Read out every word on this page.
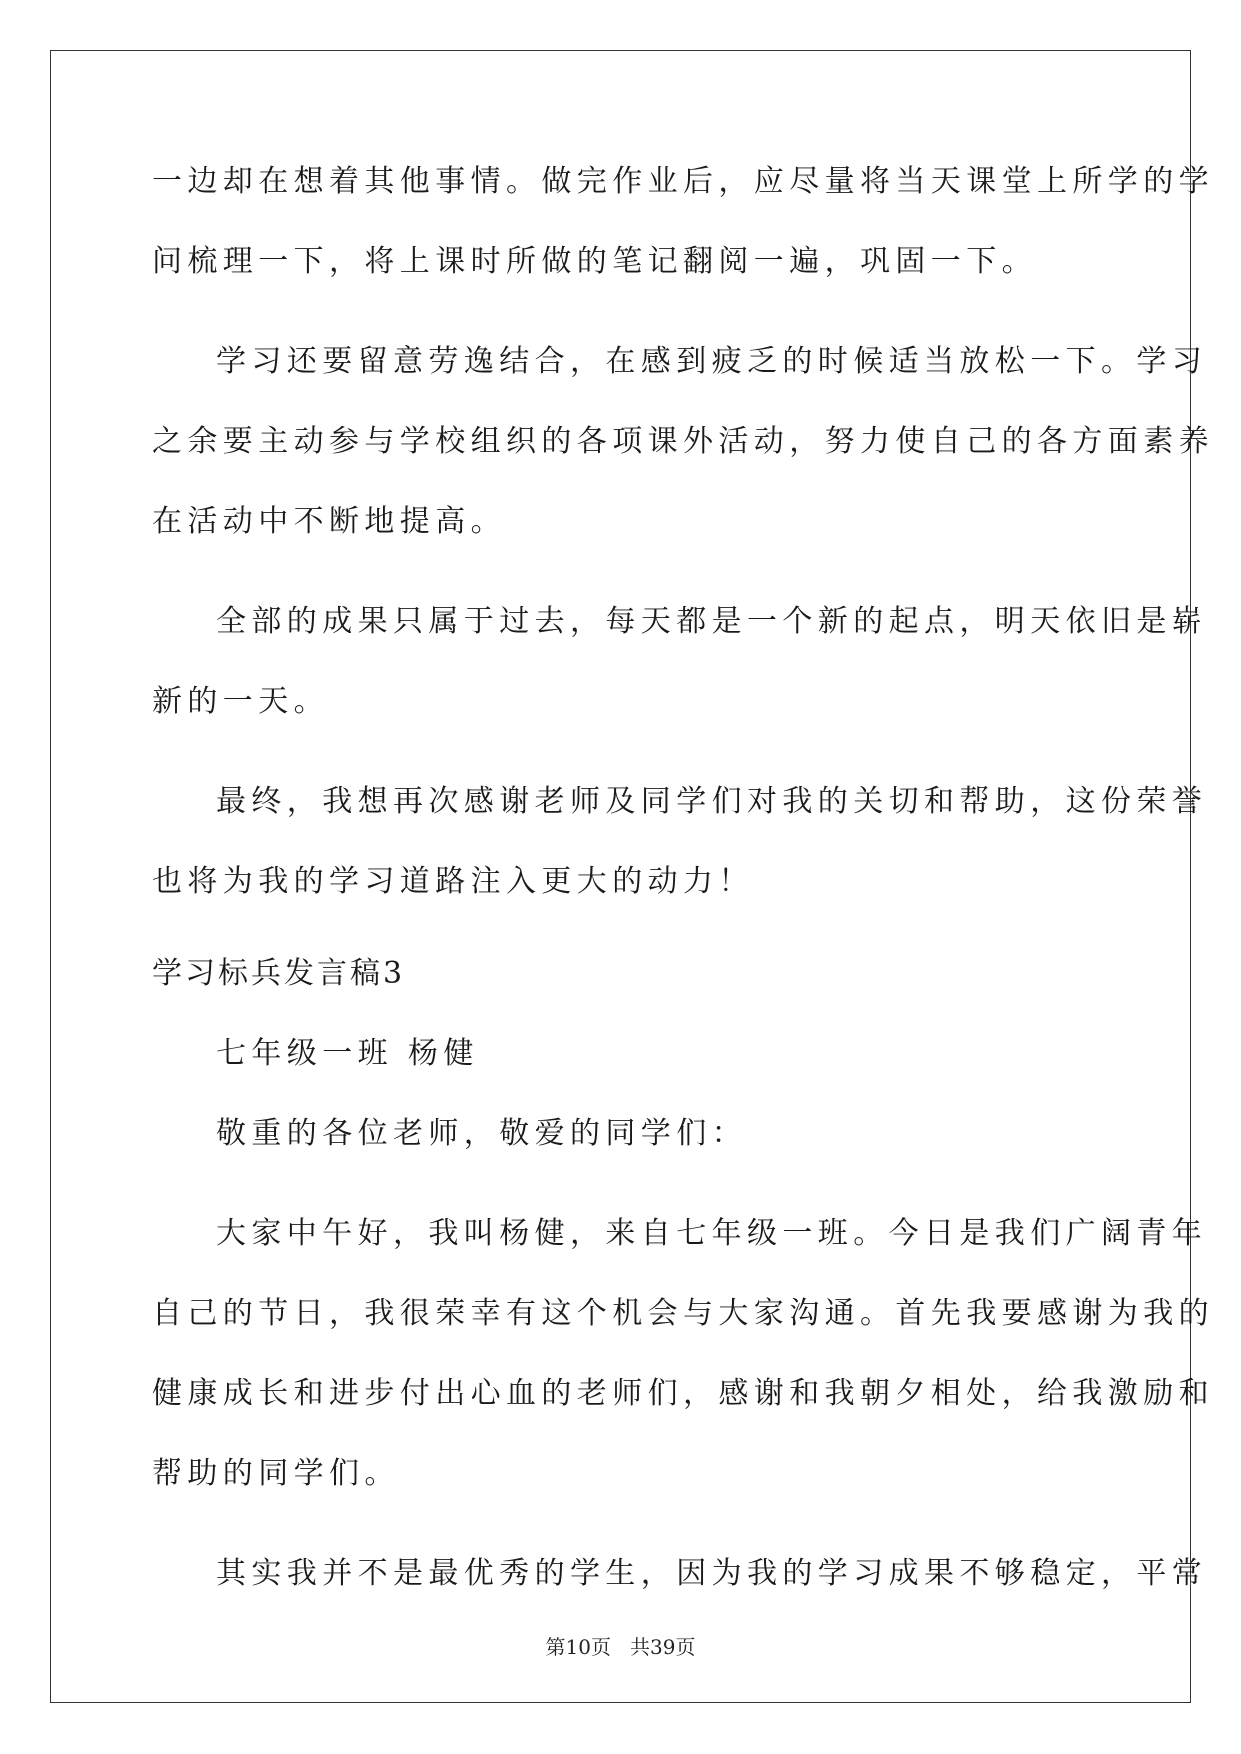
一边却在想着其他事情。做完作业后，应尽量将当天课堂上所学的学
问梳理一下，将上课时所做的笔记翻阅一遍，巩固一下。
学习还要留意劳逸结合，在感到疲乏的时候适当放松一下。学习
之余要主动参与学校组织的各项课外活动，努力使自己的各方面素养
在活动中不断地提高。
全部的成果只属于过去，每天都是一个新的起点，明天依旧是崭
新的一天。
最终，我想再次感谢老师及同学们对我的关切和帮助，这份荣誉
也将为我的学习道路注入更大的动力！
学习标兵发言稿3
七年级一班 杨健
敬重的各位老师，敬爱的同学们：
大家中午好，我叫杨健，来自七年级一班。今日是我们广阔青年
自己的节日，我很荣幸有这个机会与大家沟通。首先我要感谢为我的
健康成长和进步付出心血的老师们，感谢和我朝夕相处，给我激励和
帮助的同学们。
其实我并不是最优秀的学生，因为我的学习成果不够稳定，平常
第10页   共39页
